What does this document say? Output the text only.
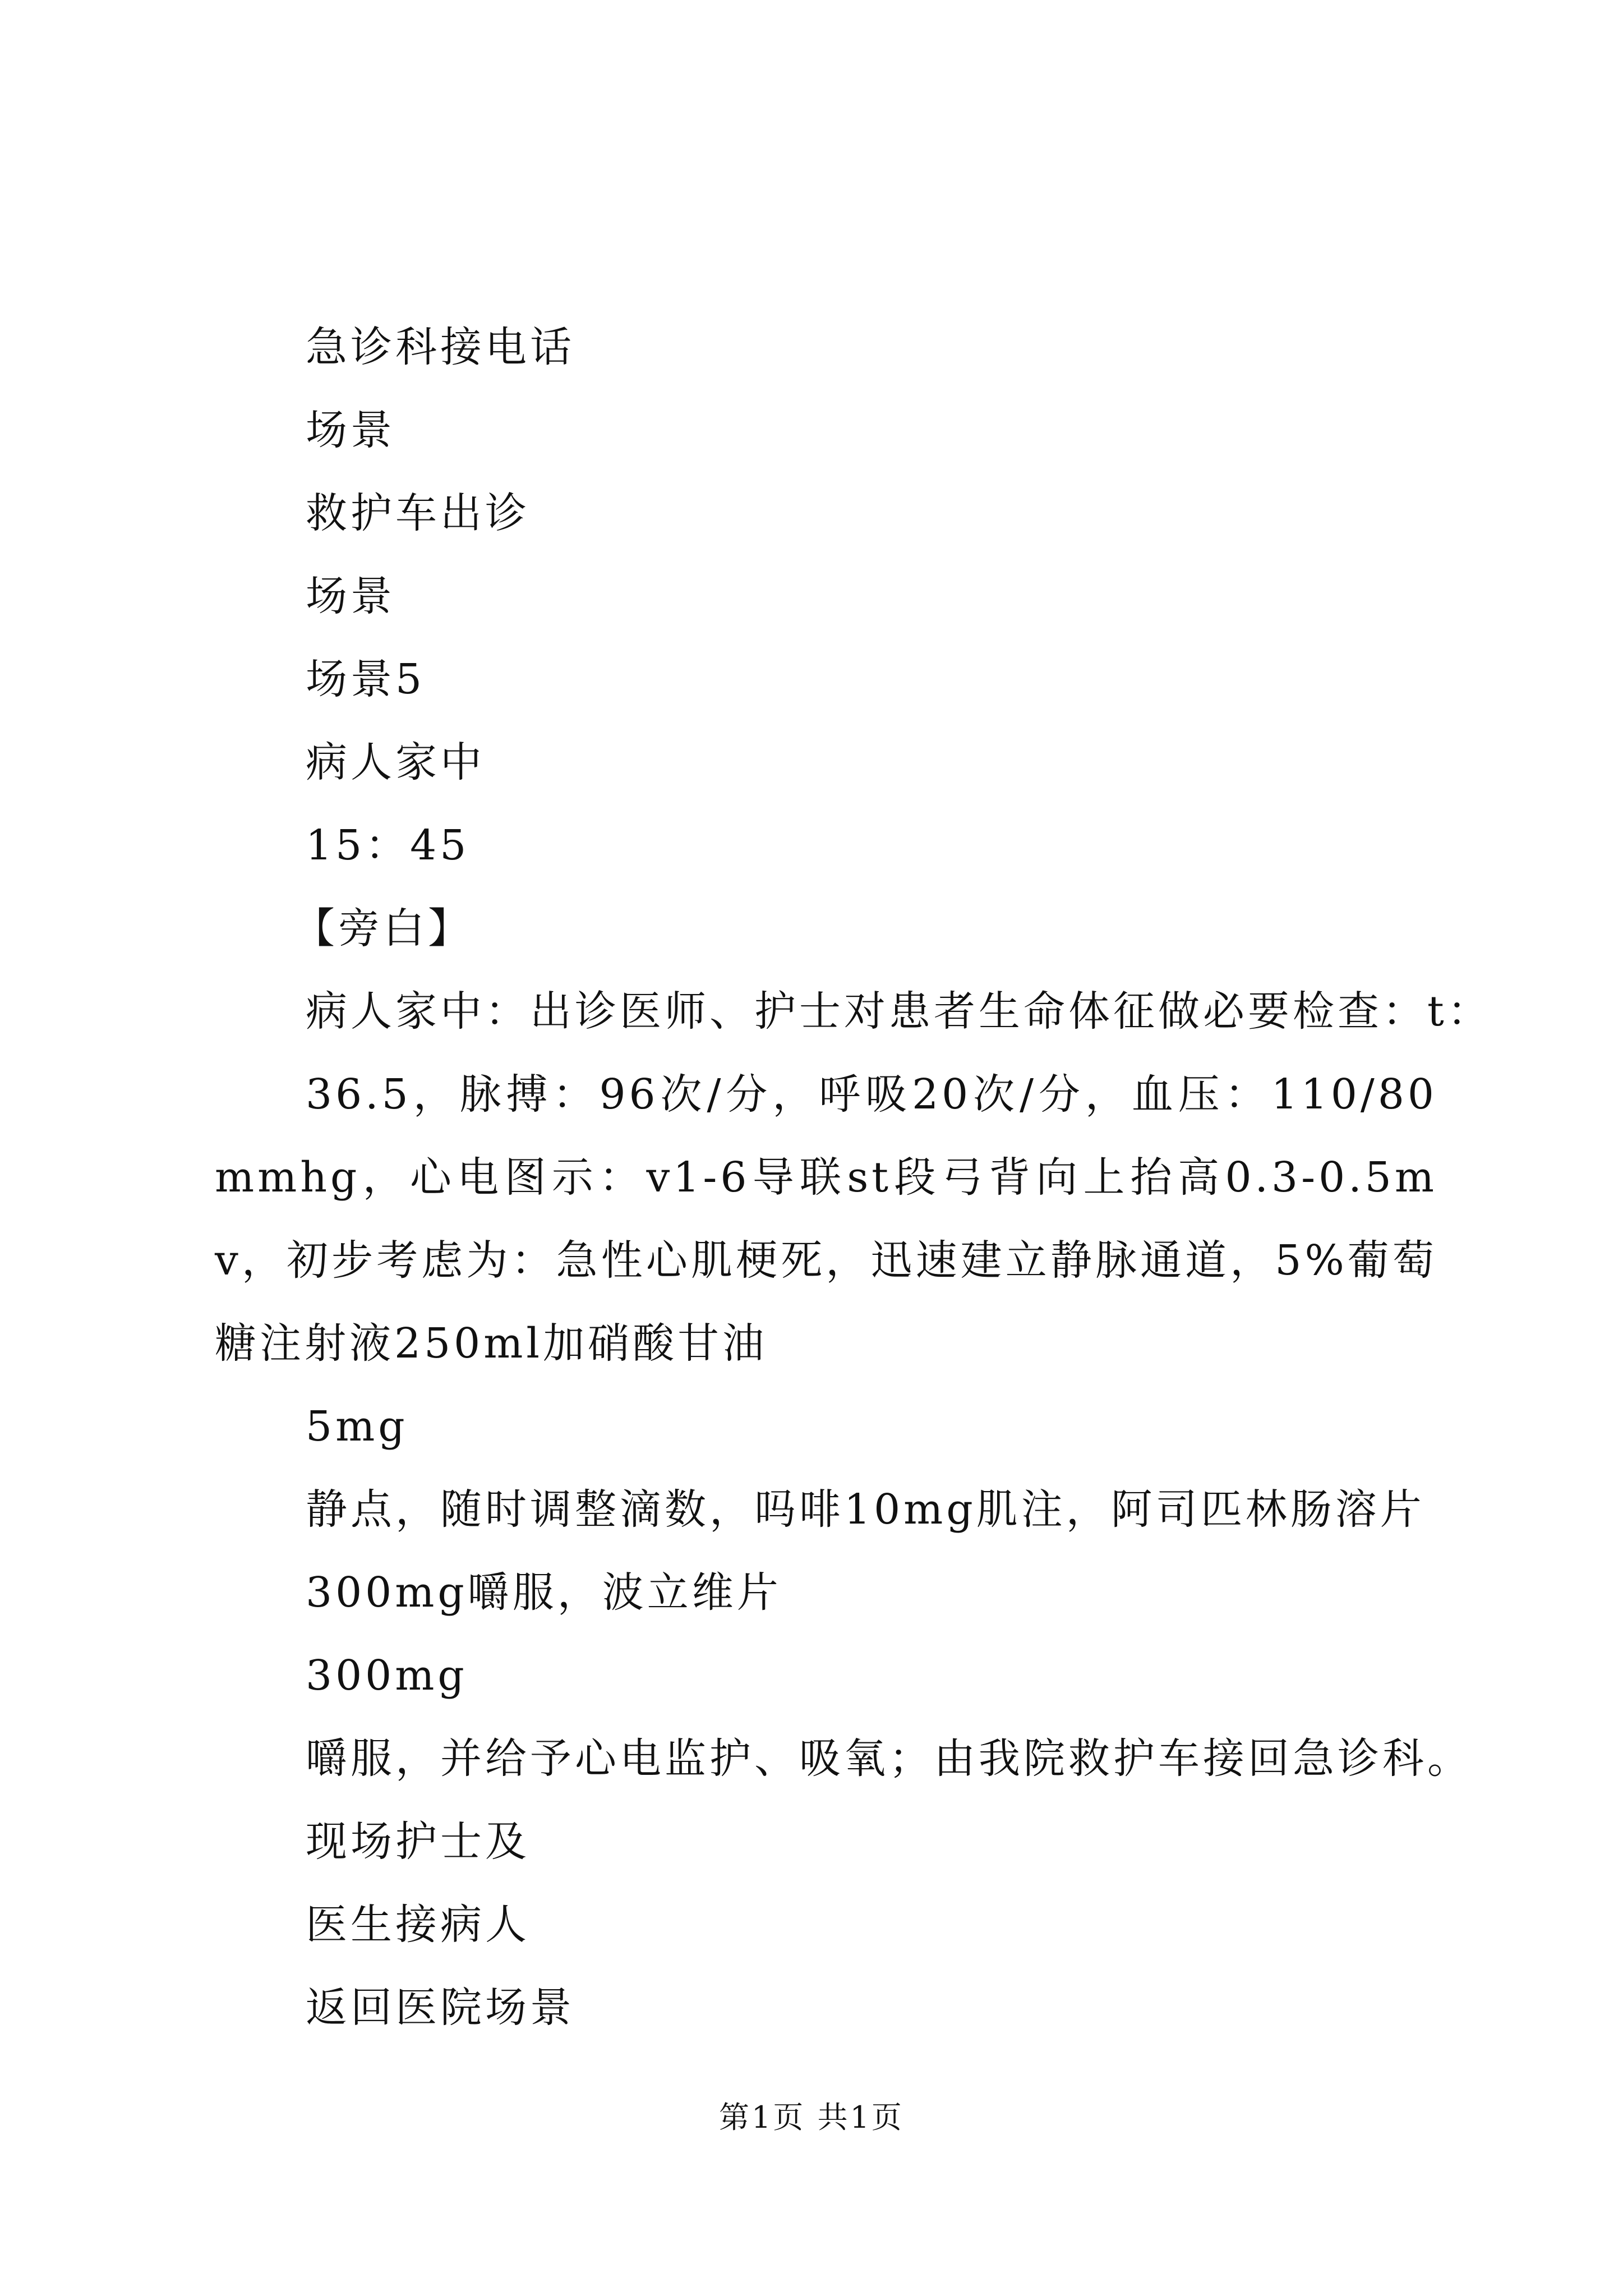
急诊科接电话
场景
救护车出诊
场景
场景5
病人家中
15：45
【旁白】
病人家中：出诊医师、护士对患者生命体征做必要检查：t：
36.5，脉搏：96次/分，呼吸20次/分，血压：110/80mmhg，心电图示：v1-6导联st段弓背向上抬高0.3-0.5mv，初步考虑为：急性心肌梗死，迅速建立静脉通道，5%葡萄糖注射液250ml加硝酸甘油
5mg
静点，随时调整滴数，吗啡10mg肌注，阿司匹林肠溶片
300mg嚼服，波立维片
300mg
嚼服，并给予心电监护、吸氧；由我院救护车接回急诊科。
现场护士及
医生接病人
返回医院场景
第1页 共1页
